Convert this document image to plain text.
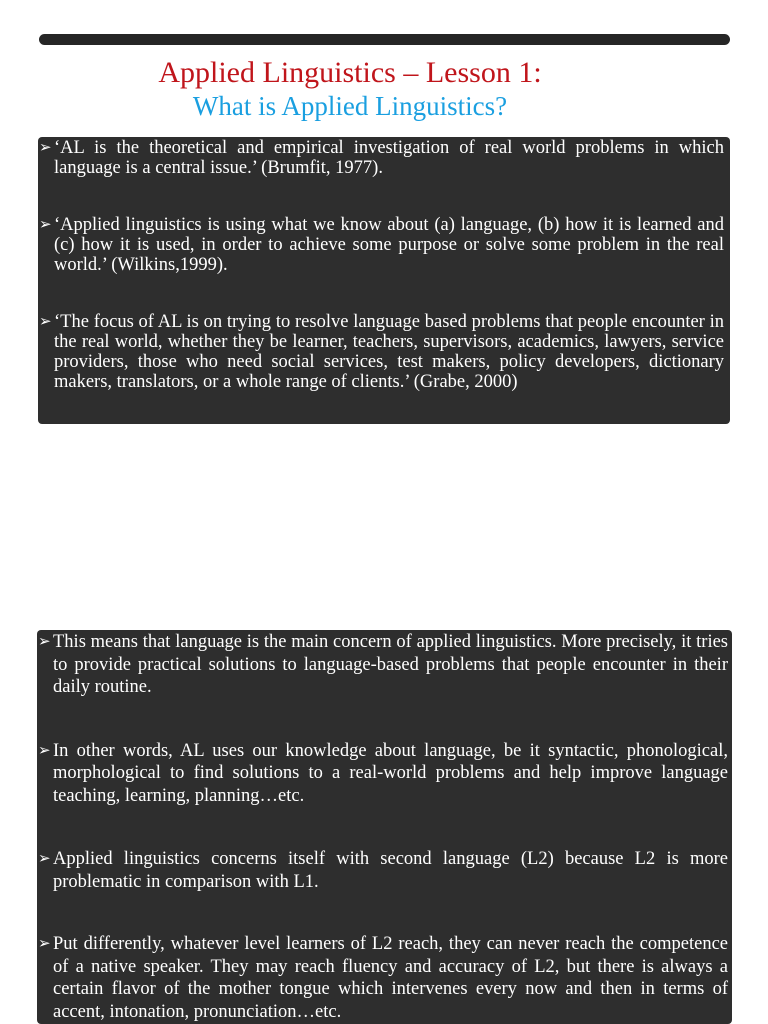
Applied Linguistics – Lesson 1:
What is Applied Linguistics?
➢ ‘AL is the theoretical and empirical investigation of real world problems in which language is a central issue.’ (Brumfit, 1977).
➢ ‘Applied linguistics is using what we know about (a) language, (b) how it is learned and (c) how it is used, in order to achieve some purpose or solve some problem in the real world.’ (Wilkins,1999).
➢ ‘The focus of AL is on trying to resolve language based problems that people encounter in the real world, whether they be learner, teachers, supervisors, academics, lawyers, service providers, those who need social services, test makers, policy developers, dictionary makers, translators, or a whole range of clients.’ (Grabe, 2000)
➢ This means that language is the main concern of applied linguistics. More precisely, it tries to provide practical solutions to language-based problems that people encounter in their daily routine.
➢ In other words, AL uses our knowledge about language, be it syntactic, phonological, morphological to find solutions to a real-world problems and help improve language teaching, learning, planning…etc.
➢ Applied linguistics concerns itself with second language (L2) because L2 is more problematic in comparison with L1.
➢ Put differently, whatever level learners of L2 reach, they can never reach the competence of a native speaker. They may reach fluency and accuracy of L2, but there is always a certain flavor of the mother tongue which intervenes every now and then in terms of accent, intonation, pronunciation…etc.
